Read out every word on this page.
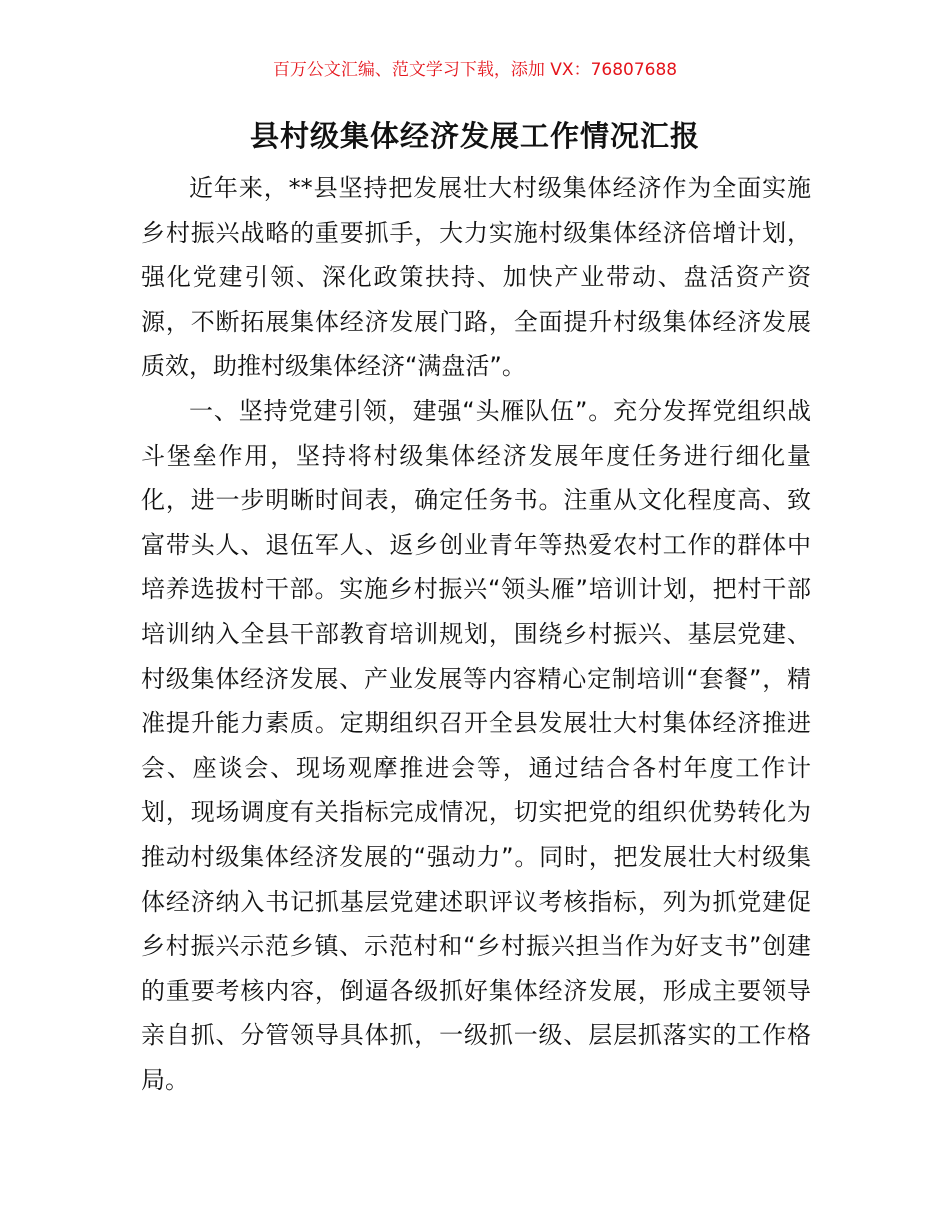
百万公文汇编、范文学习下载，添加 VX：76807688
县村级集体经济发展工作情况汇报

近年来，**县坚持把发展壮大村级集体经济作为全面实施乡村振兴战略的重要抓手，大力实施村级集体经济倍增计划，强化党建引领、深化政策扶持、加快产业带动、盘活资产资源，不断拓展集体经济发展门路，全面提升村级集体经济发展质效，助推村级集体经济“满盘活”。

一、坚持党建引领，建强“头雁队伍”。充分发挥党组织战斗堡垒作用，坚持将村级集体经济发展年度任务进行细化量化，进一步明晰时间表，确定任务书。注重从文化程度高、致富带头人、退伍军人、返乡创业青年等热爱农村工作的群体中培养选拔村干部。实施乡村振兴“领头雁”培训计划，把村干部培训纳入全县干部教育培训规划，围绕乡村振兴、基层党建、村级集体经济发展、产业发展等内容精心定制培训“套餐”，精准提升能力素质。定期组织召开全县发展壮大村集体经济推进会、座谈会、现场观摩推进会等，通过结合各村年度工作计划，现场调度有关指标完成情况，切实把党的组织优势转化为推动村级集体经济发展的“强动力”。同时，把发展壮大村级集体经济纳入书记抓基层党建述职评议考核指标，列为抓党建促乡村振兴示范乡镇、示范村和“乡村振兴担当作为好支书”创建的重要考核内容，倒逼各级抓好集体经济发展，形成主要领导亲自抓、分管领导具体抓，一级抓一级、层层抓落实的工作格局。
